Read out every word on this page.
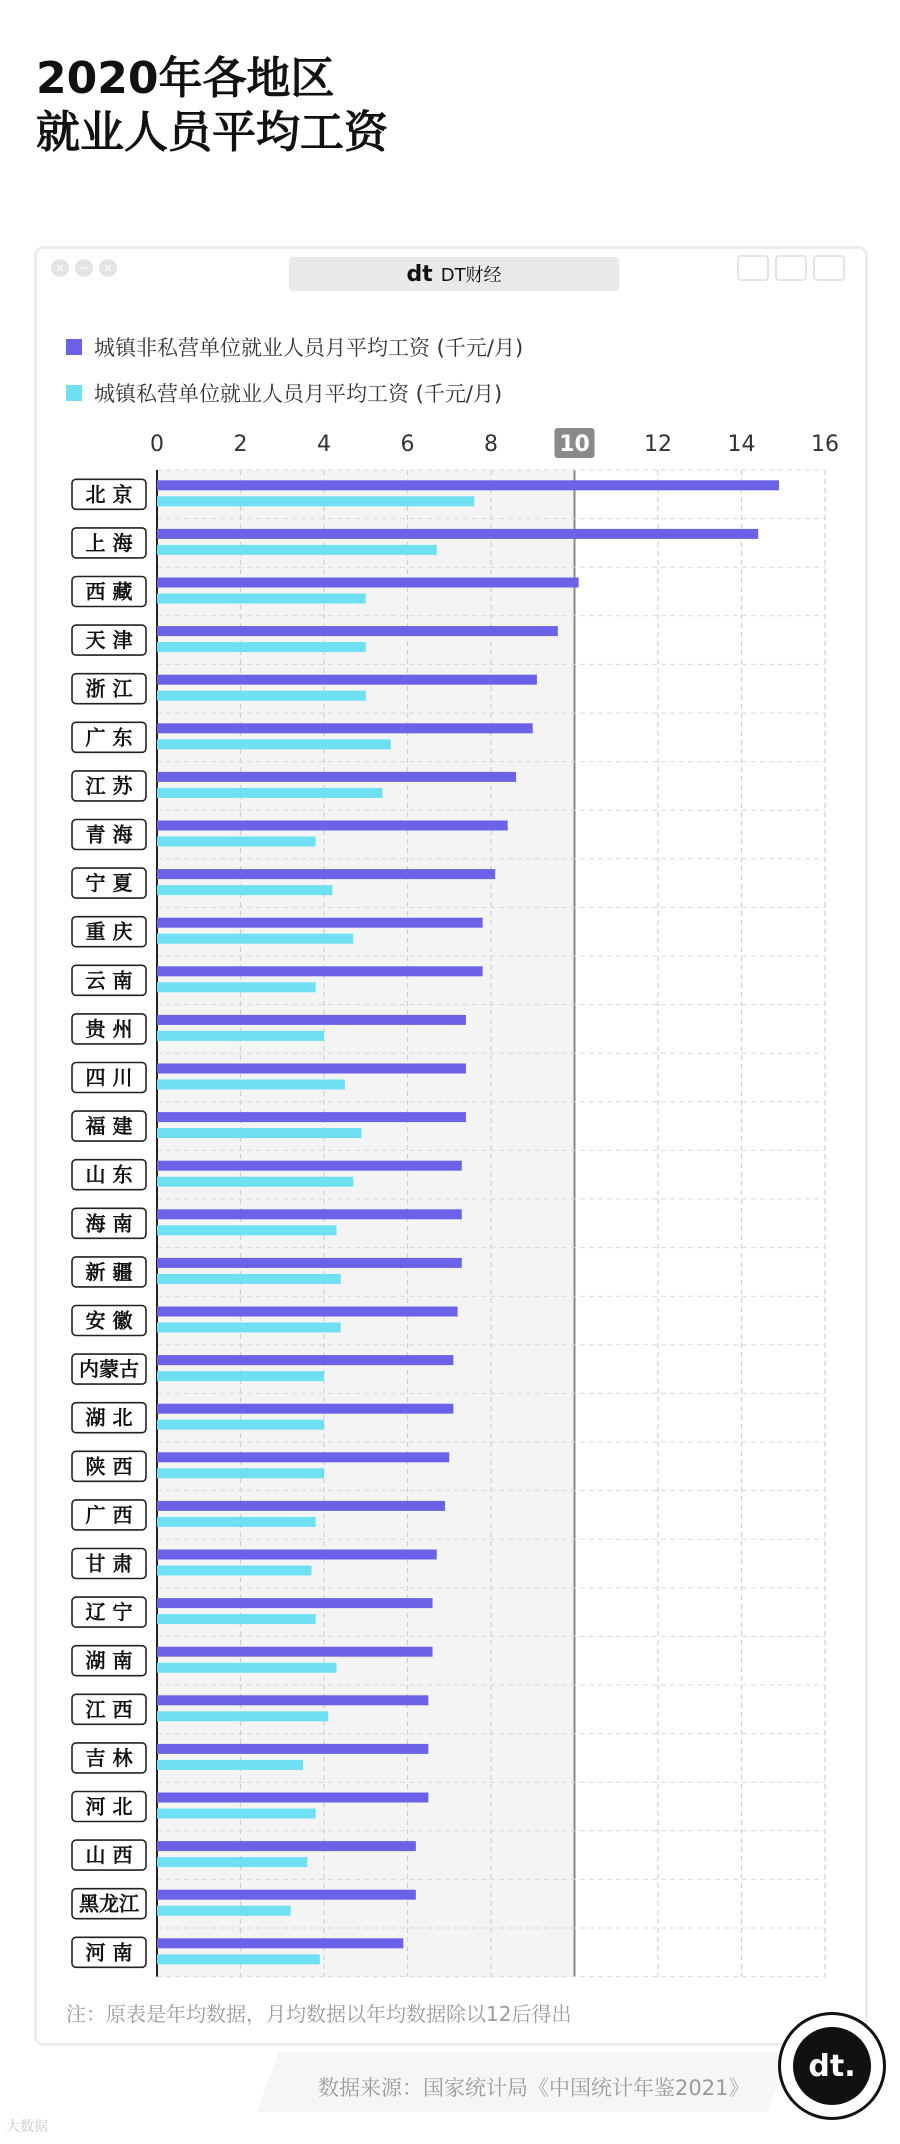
2020年各地区
就业人员平均工资
×	−	×	dt DT财经
城镇非私营单位就业人员月平均工资 (千元/月)
城镇私营单位就业人员月平均工资 (千元/月)
0	2	4	6	8	10 12	14	16
北 京
上 海
西 藏
天 津
浙 江
广 东
江 苏
青 海
宁 夏
重 庆
云 南
贵 州
四 川
福 建
山 东
海 南
新 疆
安 徽
内蒙古
湖 北
陕 西
广 西
甘 肃
辽 宁
湖 南
江 西
吉 林
河 北
山 西
黑龙江
河 南
注：原表是年均数据，月均数据以年均数据除以12后得出
数据来源：国家统计局《中国统计年鉴2021》
dt.
大数据
